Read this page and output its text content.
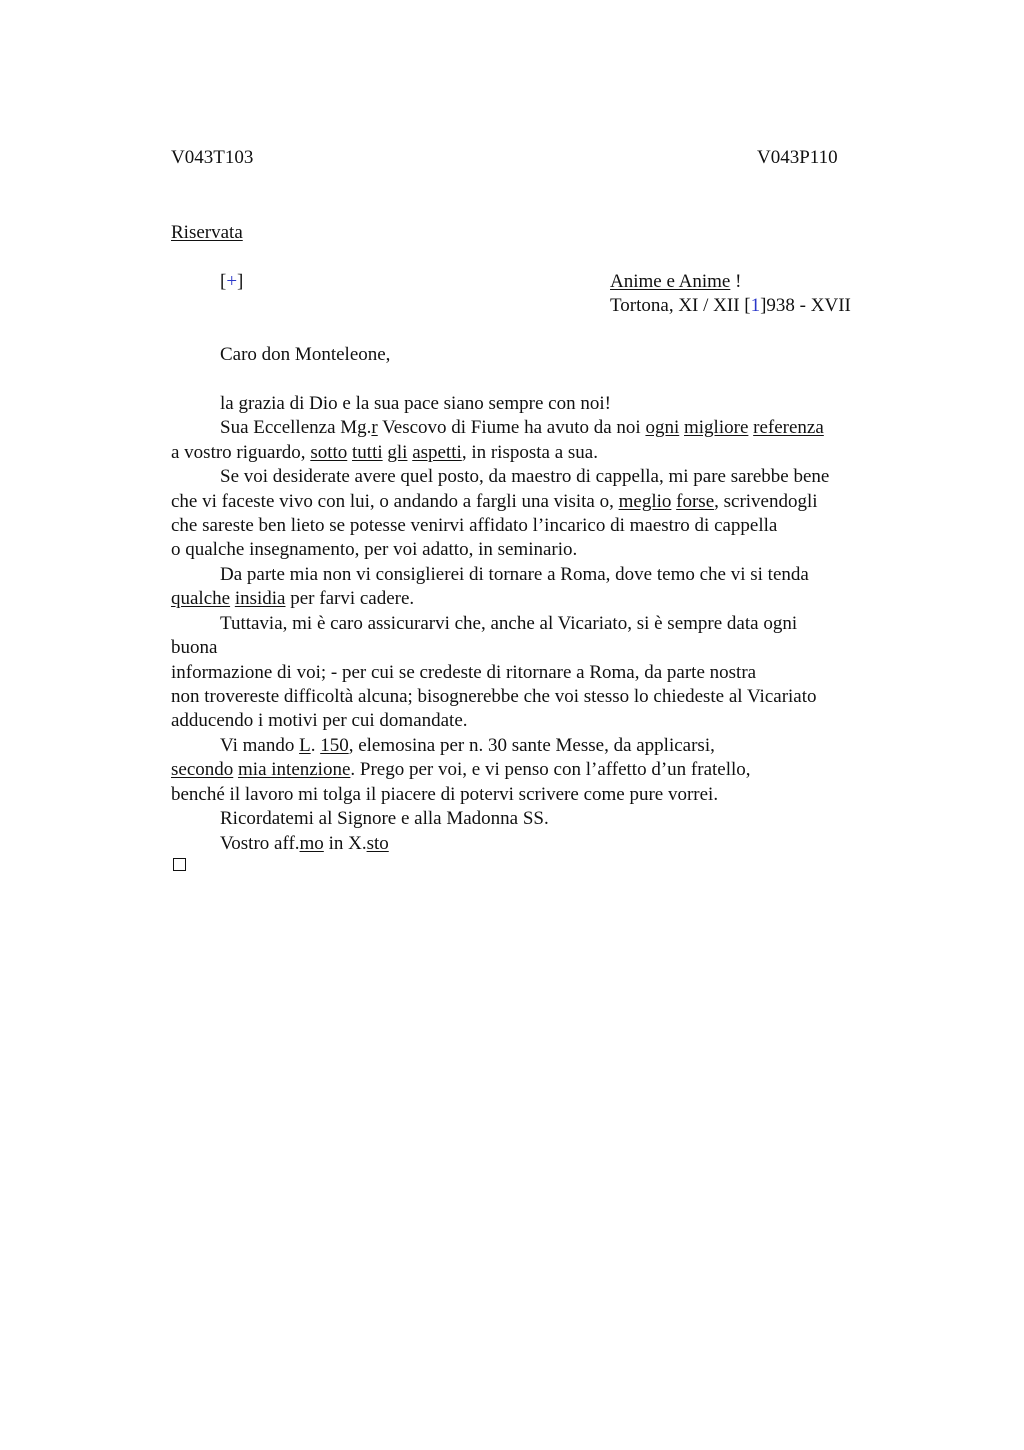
V043T103	V043P110
Riservata
[+]	Anime e Anime !
Tortona, XI / XII [1]938 - XVII
Caro don Monteleone,
la grazia di Dio e la sua pace siano sempre con noi!
Sua Eccellenza Mg.r Vescovo di Fiume ha avuto da noi ogni migliore referenza
a vostro riguardo, sotto tutti gli aspetti, in risposta a sua.
Se voi desiderate avere quel posto, da maestro di cappella, mi pare sarebbe bene
che vi faceste vivo con lui, o andando a fargli una visita o, meglio forse, scrivendogli
che sareste ben lieto se potesse venirvi affidato l’incarico di maestro di cappella
o qualche insegnamento, per voi adatto, in seminario.
Da parte mia non vi consiglierei di tornare a Roma, dove temo che vi si tenda
qualche insidia per farvi cadere.
Tuttavia, mi è caro assicurarvi che, anche al Vicariato, si è sempre data ogni
buona
informazione di voi; - per cui se credeste di ritornare a Roma, da parte nostra
non trovereste difficoltà alcuna; bisognerebbe che voi stesso lo chiedeste al Vicariato
adducendo i motivi per cui domandate.
Vi mando L. 150, elemosina per n. 30 sante Messe, da applicarsi,
secondo mia intenzione. Prego per voi, e vi penso con l’affetto d’un fratello,
benché il lavoro mi tolga il piacere di potervi scrivere come pure vorrei.
Ricordatemi al Signore e alla Madonna SS.
Vostro aff.mo in X.sto
